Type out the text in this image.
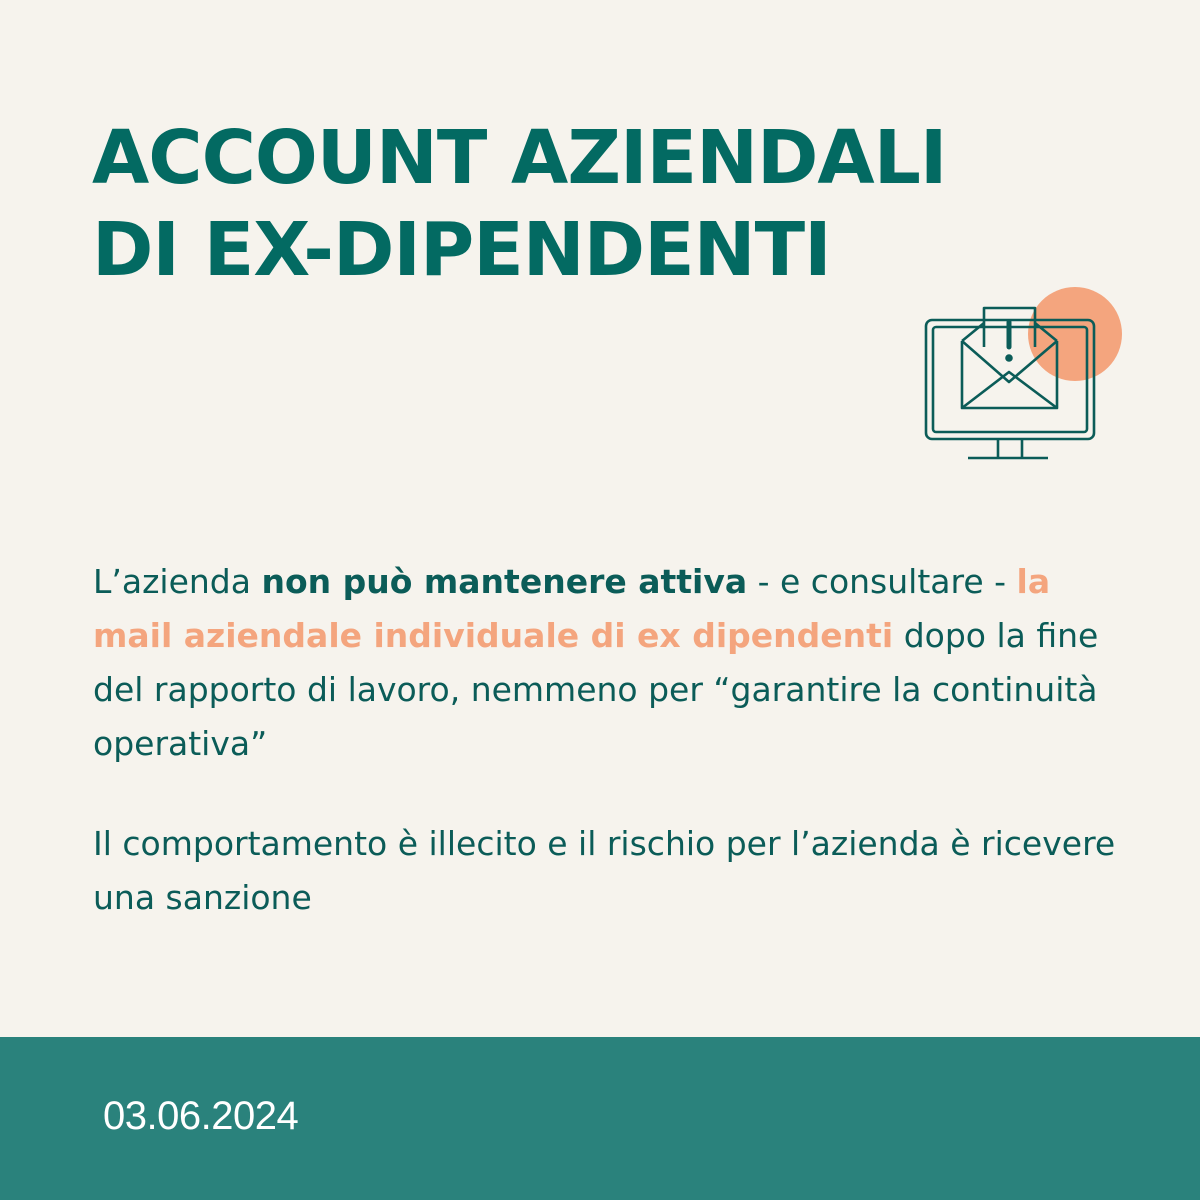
ACCOUNT AZIENDALI
DI EX-DIPENDENTI

L’azienda non può mantenere attiva - e consultare - la mail aziendale individuale di ex dipendenti dopo la fine del rapporto di lavoro, nemmeno per “garantire la continuità operativa”

Il comportamento è illecito e il rischio per l’azienda è ricevere una sanzione

03.06.2024
